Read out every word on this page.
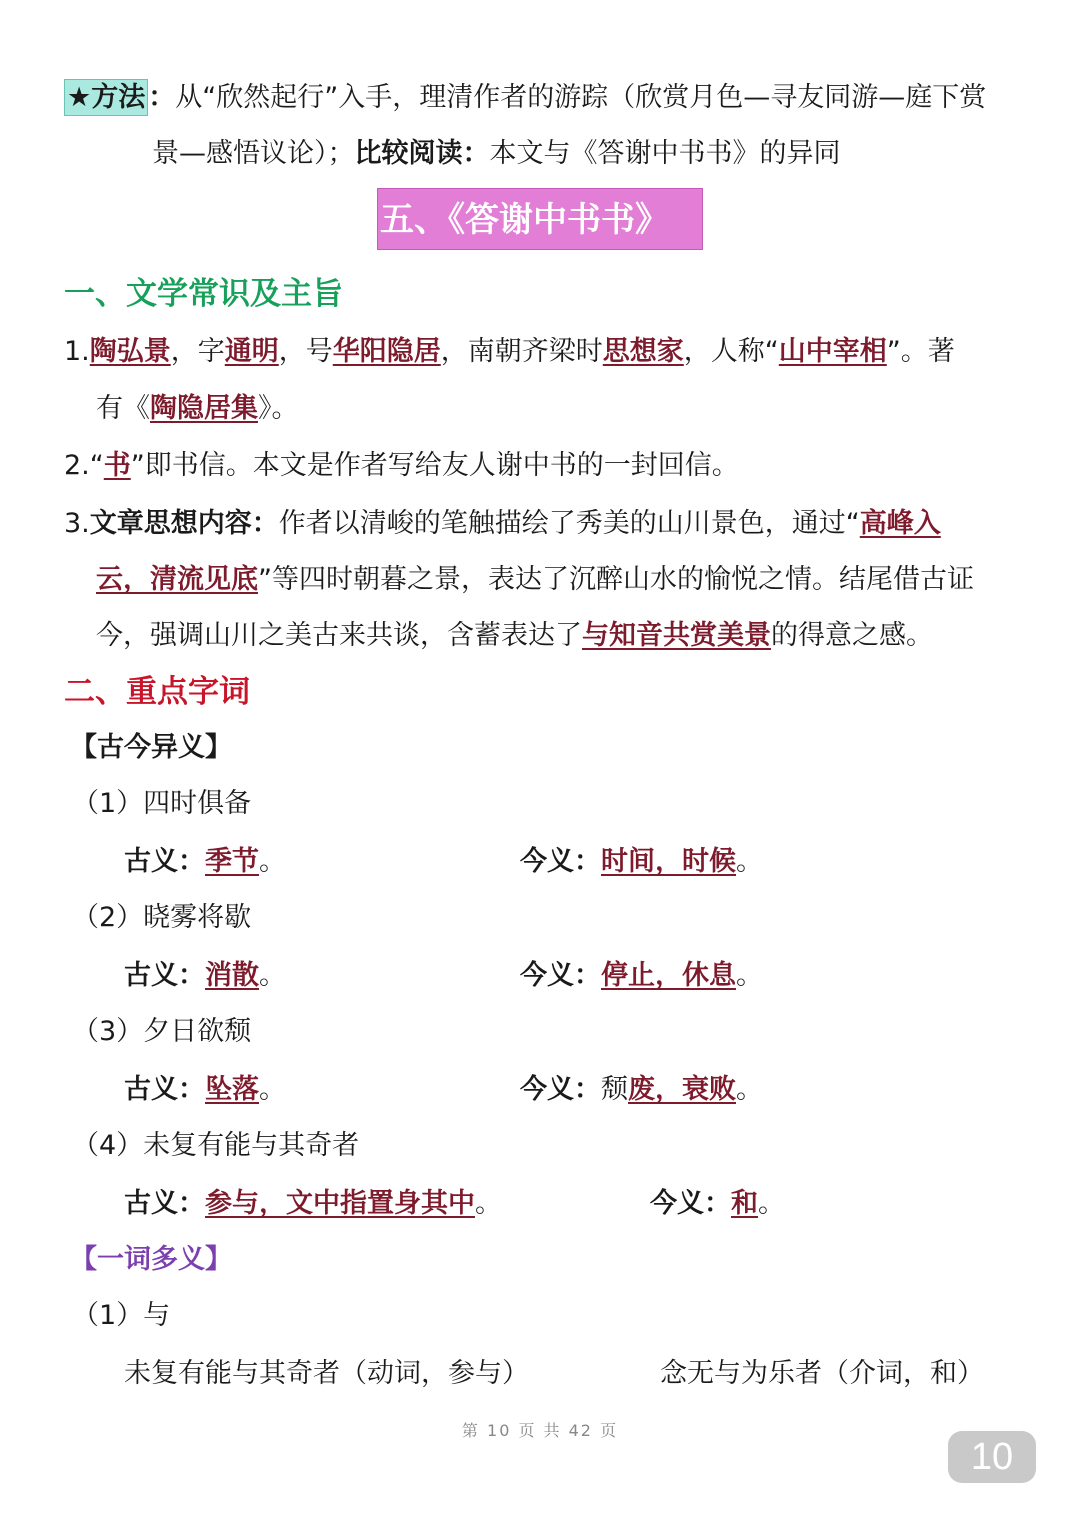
★方法 ：从“欣然起行”入手，理清作者的游踪（欣赏月色—寻友同游—庭下赏
景—感悟议论）；比较阅读：本文与《答谢中书书》的异同
五、《答谢中书书》
一、文学常识及主旨
1.陶弘景，字通明，号华阳隐居，南朝齐梁时思想家，人称“山中宰相”。著
有《陶隐居集》。
2.“书”即书信。本文是作者写给友人谢中书的一封回信。
3.文章思想内容：作者以清峻的笔触描绘了秀美的山川景色，通过“高峰入
云，清流见底”等四时朝暮之景，表达了沉醉山水的愉悦之情。结尾借古证
今，强调山川之美古来共谈，含蓄表达了与知音共赏美景的得意之感。
二、重点字词
【古今异义】
（1）四时俱备
古义：季节。	今义：时间，时候。
（2）晓雾将歇
古义：消散。	今义：停止，休息。
（3）夕日欲颓
古义：坠落。	今义：颓废，衰败。
（4）未复有能与其奇者
古义：参与，文中指置身其中。	今义：和。
【一词多义】
（1）与
未复有能与其奇者（动词，参与）	念无与为乐者（介词，和）
第 10 页 共 42 页
10
